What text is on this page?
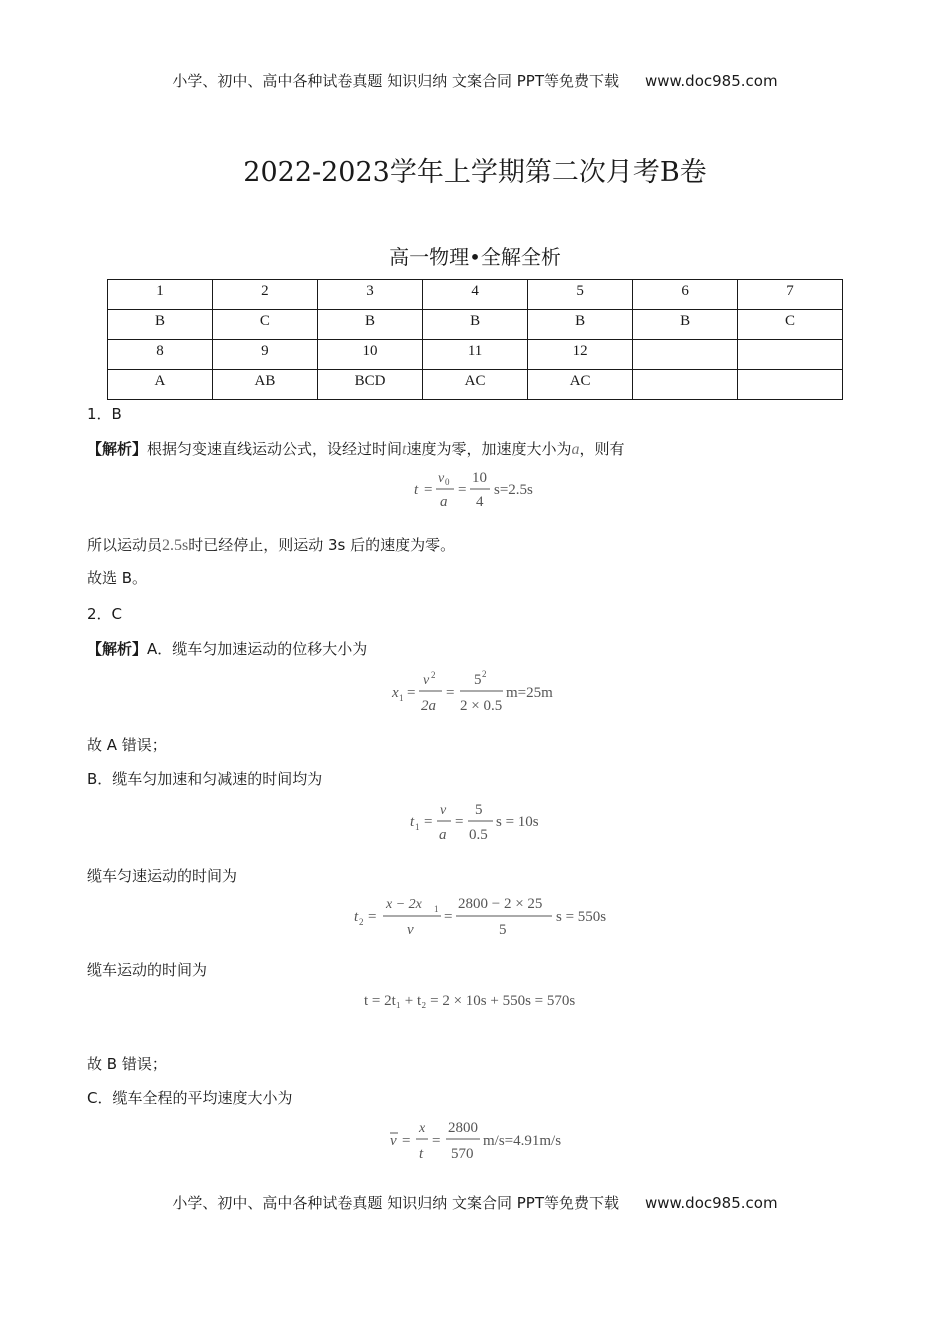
小学、初中、高中各种试卷真题 知识归纳 文案合同 PPT等免费下载 www.doc985.com
2022-2023学年上学期第二次月考B卷
高一物理•全解全析
1	2	3	4	5	6	7
B	C	B	B	B	B	C
8	9	10	11	12		
A	AB	BCD	AC	AC		
1．B
【解析】根据匀变速直线运动公式，设经过时间t速度为零，加速度大小为a，则有
t =
v 0
a
=
10
4
s=2.5s
所以运动员2.5s时已经停止，则运动 3s 后的速度为零。
故选 B。
2．C
【解析】A．缆车匀加速运动的位移大小为
x 1 =
v 2
2a
=
5 2
2 × 0.5
m=25m
故 A 错误；
B．缆车匀加速和匀减速的时间均为
t 1 =
v
a
=
5
0.5
s = 10s
缆车匀速运动的时间为
t 2 =
x − 2x 1
v
=
2800 − 2 × 25
5
s = 550s
缆车运动的时间为
t = 2t₁ + t₂ = 2 × 10s + 550s = 570s
故 B 错误；
C．缆车全程的平均速度大小为
v =
x
t
=
2800
570
m/s=4.91m/s
小学、初中、高中各种试卷真题 知识归纳 文案合同 PPT等免费下载 www.doc985.com
